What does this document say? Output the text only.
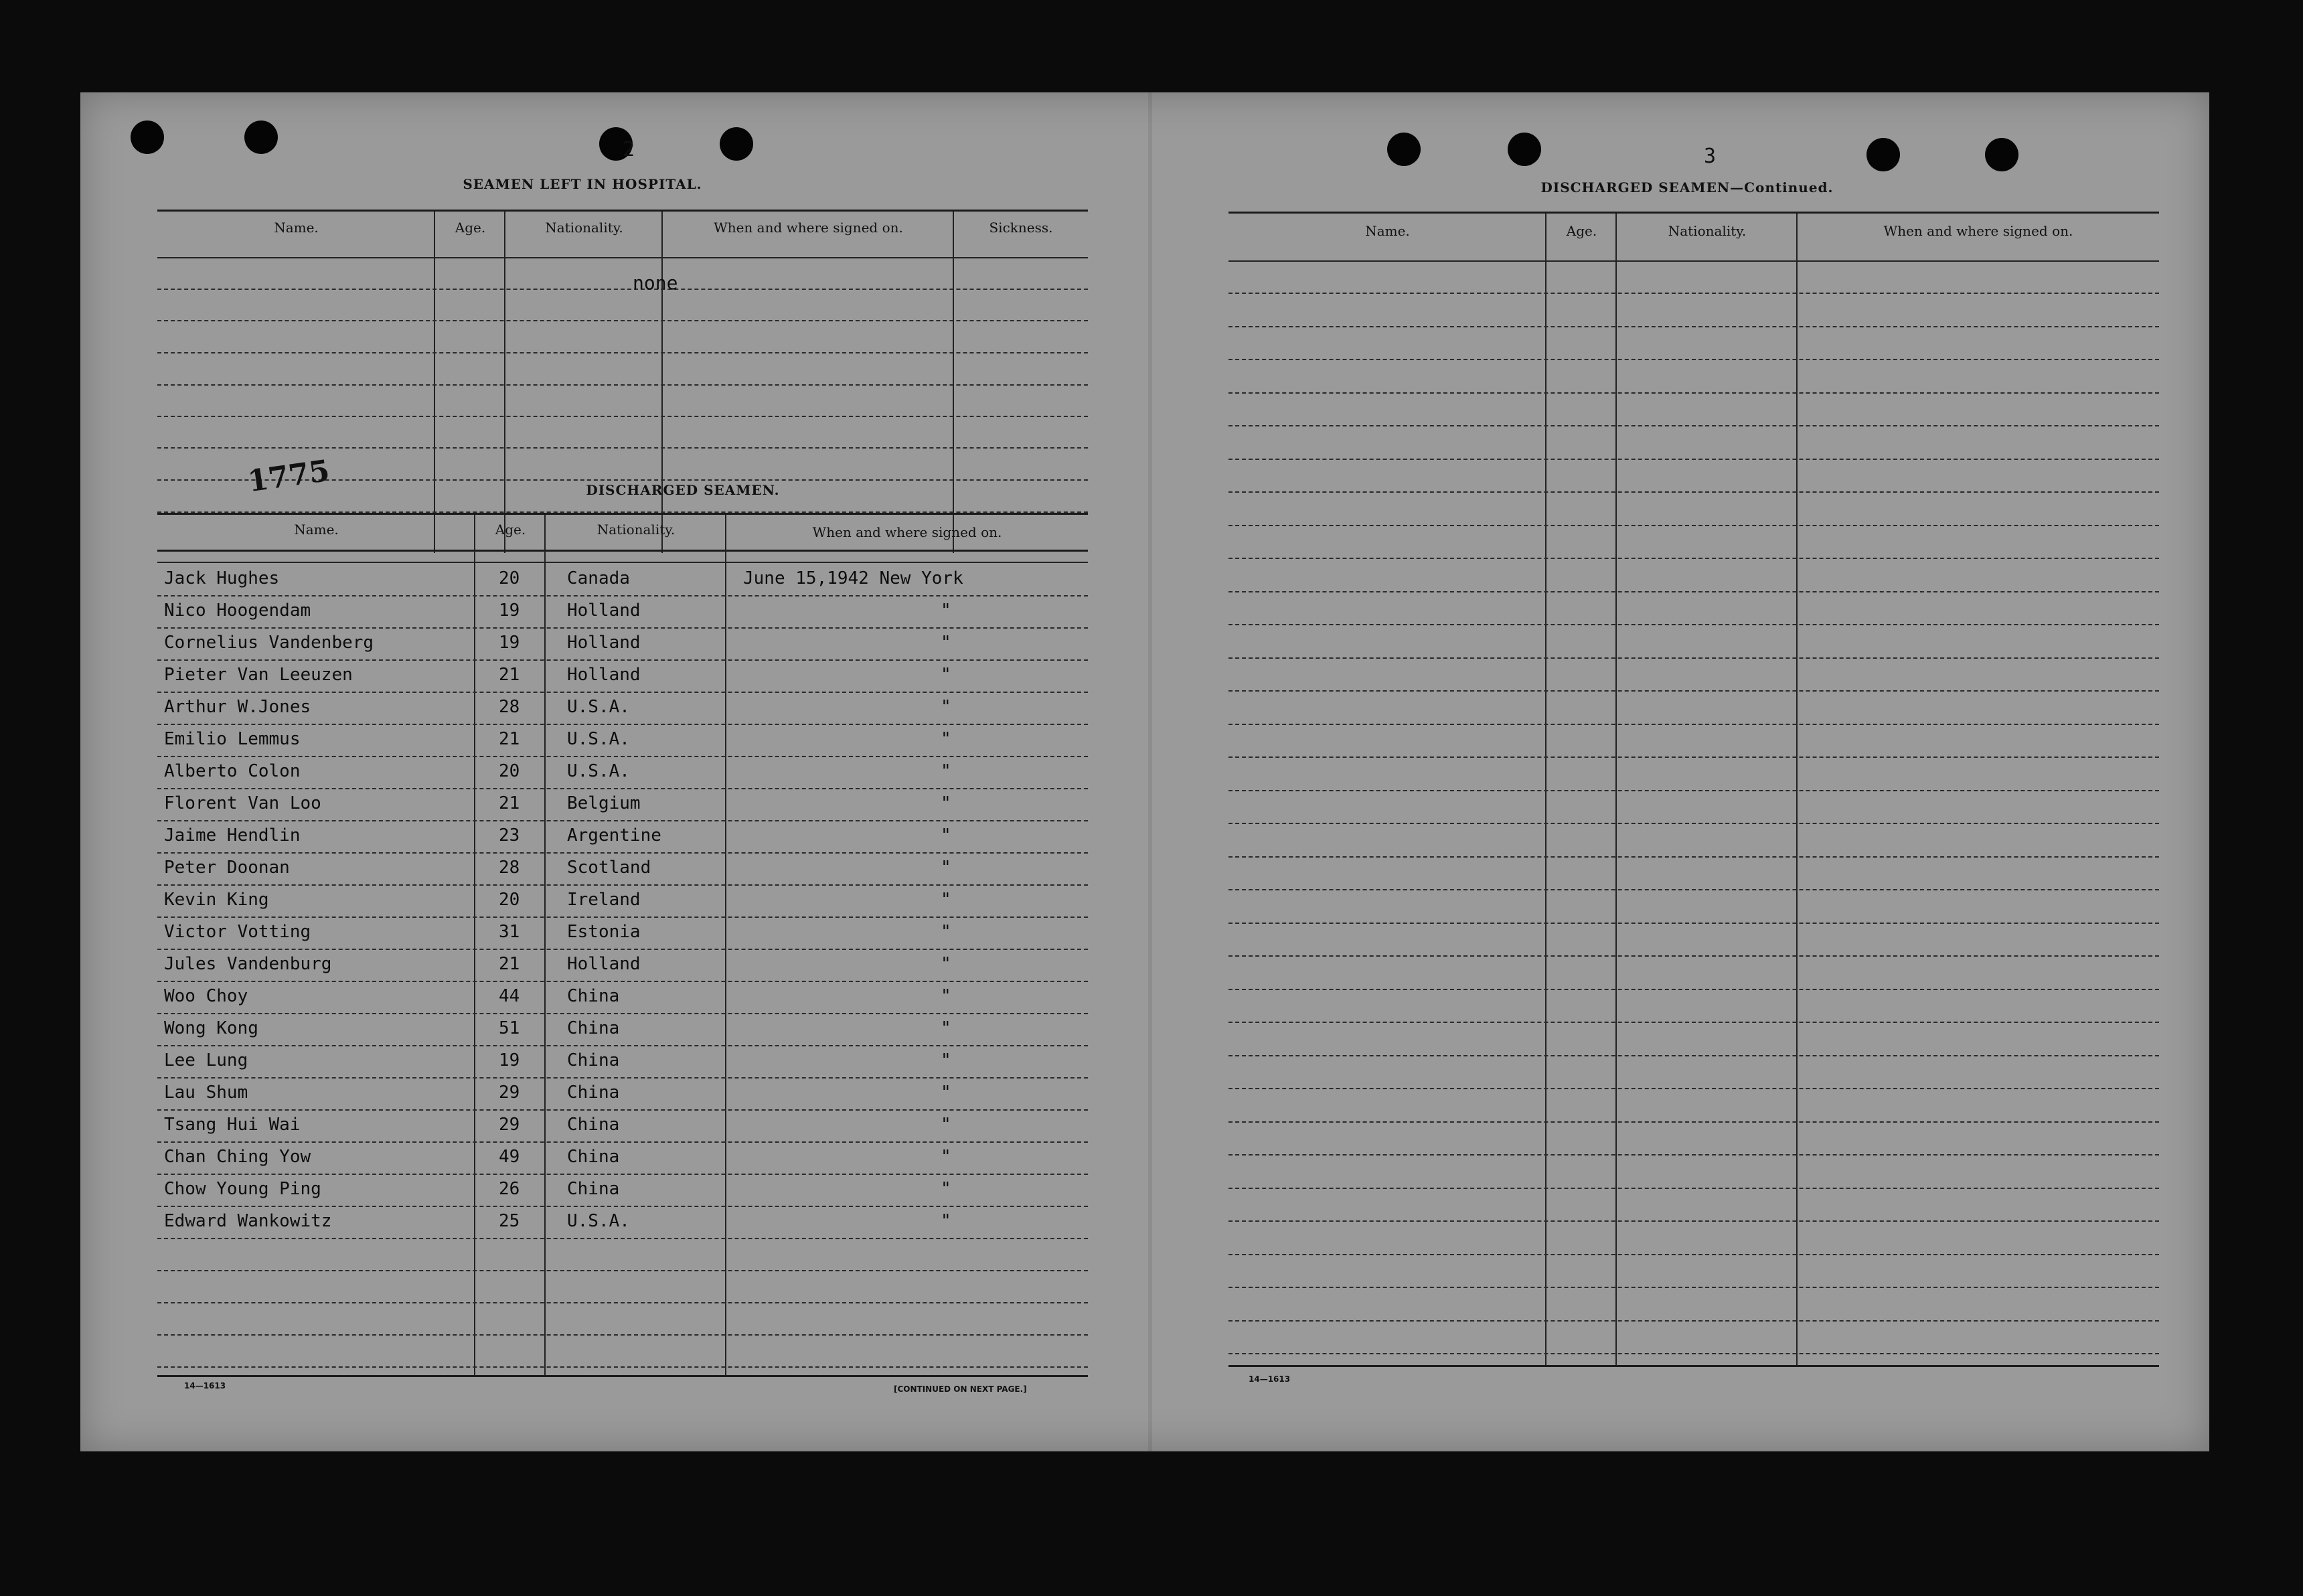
2
SEAMEN LEFT IN HOSPITAL.
Name.	Age.	Nationality.	When and where signed on.	Sickness.
none
1775	DISCHARGED SEAMEN.
Name.	Age.	Nationality.	When and where signed on.
Jack Hughes	20	Canada	June 15,1942 New York
Nico Hoogendam	19	Holland	"
Cornelius Vandenberg	19	Holland	"
Pieter Van Leeuzen	21	Holland	"
Arthur W.Jones	28	U.S.A.	"
Emilio Lemmus	21	U.S.A.	"
Alberto Colon	20	U.S.A.	"
Florent Van Loo	21	Belgium	"
Jaime Hendlin	23	Argentine	"
Peter Doonan	28	Scotland	"
Kevin King	20	Ireland	"
Victor Votting	31	Estonia	"
Jules Vandenburg	21	Holland	"
Woo Choy	44	China	"
Wong Kong	51	China	"
Lee Lung	19	China	"
Lau Shum	29	China	"
Tsang Hui Wai	29	China	"
Chan Ching Yow	49	China	"
Chow Young Ping	26	China	"
Edward Wankowitz	25	U.S.A.	"
14—1613	[CONTINUED ON NEXT PAGE.]
3
DISCHARGED SEAMEN—Continued.
Name.	Age.	Nationality.	When and where signed on.
14—1613
